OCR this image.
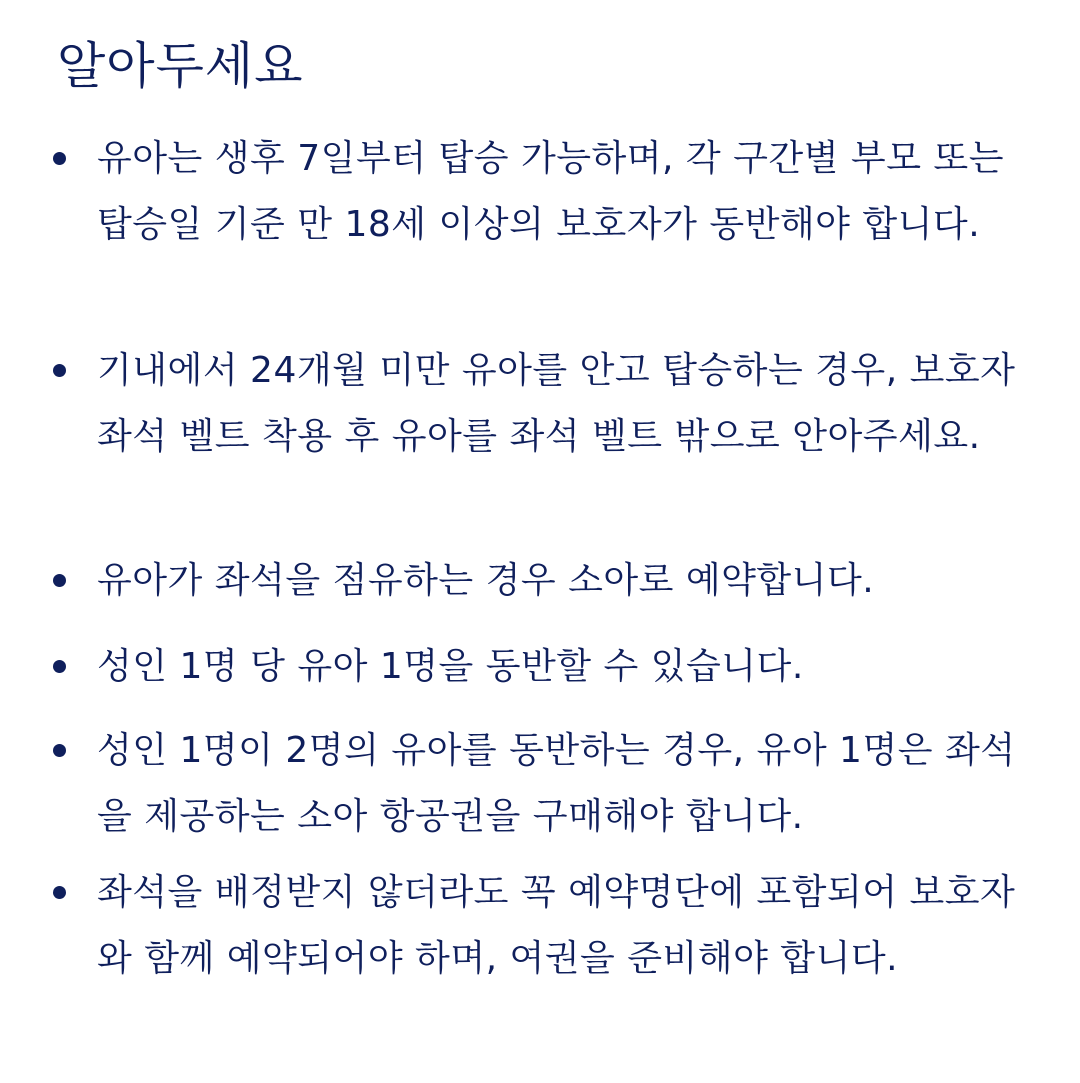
알아두세요
유아는 생후 7일부터 탑승 가능하며, 각 구간별 부모 또는 탑승일 기준 만 18세 이상의 보호자가 동반해야 합니다.
기내에서 24개월 미만 유아를 안고 탑승하는 경우, 보호자 좌석 벨트 착용 후 유아를 좌석 벨트 밖으로 안아주세요.
유아가 좌석을 점유하는 경우 소아로 예약합니다.
성인 1명 당 유아 1명을 동반할 수 있습니다.
성인 1명이 2명의 유아를 동반하는 경우, 유아 1명은 좌석을 제공하는 소아 항공권을 구매해야 합니다.
좌석을 배정받지 않더라도 꼭 예약명단에 포함되어 보호자와 함께 예약되어야 하며, 여권을 준비해야 합니다.
